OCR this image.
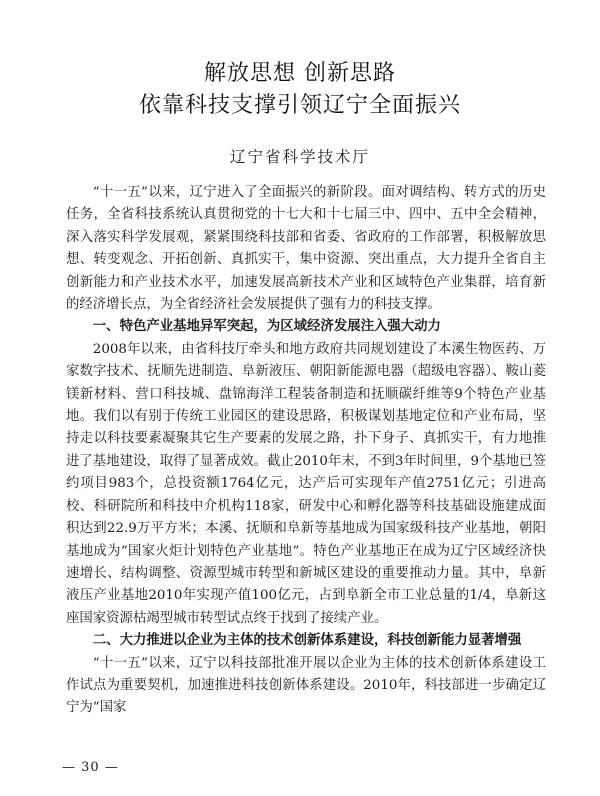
解放思想 创新思路
依靠科技支撑引领辽宁全面振兴
辽宁省科学技术厅

“十一五”以来，辽宁进入了全面振兴的新阶段。面对调结构、转方式的历史任务，全省科技系统认真贯彻党的十七大和十七届三中、四中、五中全会精神，深入落实科学发展观，紧紧围绕科技部和省委、省政府的工作部署，积极解放思想、转变观念、开拓创新、真抓实干，集中资源、突出重点，大力提升全省自主创新能力和产业技术水平，加速发展高新技术产业和区域特色产业集群，培育新的经济增长点，为全省经济社会发展提供了强有力的科技支撑。

一、特色产业基地异军突起，为区域经济发展注入强大动力

2008年以来，由省科技厅牵头和地方政府共同规划建设了本溪生物医药、万家数字技术、抚顺先进制造、阜新液压、朝阳新能源电器（超级电容器）、鞍山菱镁新材料、营口科技城、盘锦海洋工程装备制造和抚顺碳纤维等9个特色产业基地。我们以有别于传统工业园区的建设思路，积极谋划基地定位和产业布局，坚持走以科技要素凝聚其它生产要素的发展之路，扑下身子、真抓实干，有力地推进了基地建设，取得了显著成效。截止2010年末，不到3年时间里，9个基地已签约项目983个，总投资额1764亿元，达产后可实现年产值2751亿元；引进高校、科研院所和科技中介机构118家，研发中心和孵化器等科技基础设施建成面积达到22.9万平方米；本溪、抚顺和阜新等基地成为国家级科技产业基地，朝阳基地成为“国家火炬计划特色产业基地”。特色产业基地正在成为辽宁区域经济快速增长、结构调整、资源型城市转型和新城区建设的重要推动力量。其中，阜新液压产业基地2010年实现产值100亿元，占到阜新全市工业总量的1/4，阜新这座国家资源枯竭型城市转型试点终于找到了接续产业。

二、大力推进以企业为主体的技术创新体系建设，科技创新能力显著增强

“十一五”以来，辽宁以科技部批准开展以企业为主体的技术创新体系建设工作试点为重要契机，加速推进科技创新体系建设。2010年，科技部进一步确定辽宁为“国家

— 30 —
